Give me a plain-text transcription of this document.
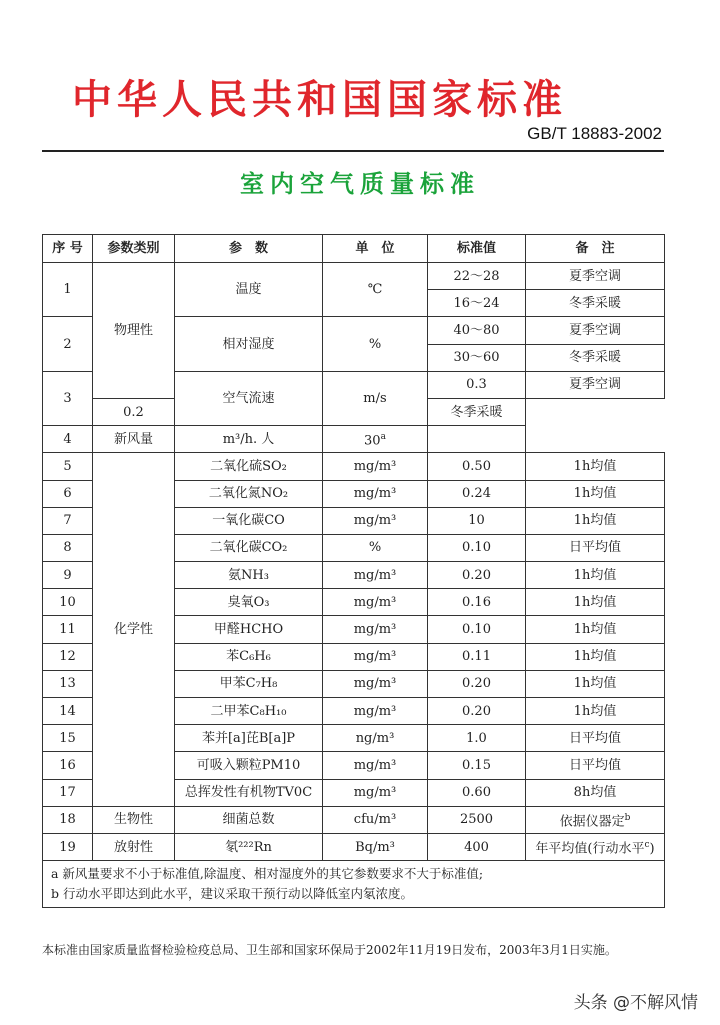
中华人民共和国国家标准
GB/T 18883-2002
室内空气质量标准
序 号	参数类别	参　数	单　位	标准值	备　注
1	物理性	温度	℃	22～28	夏季空调
				16～24	冬季采暖
2		相对湿度	%	40～80	夏季空调
				30～60	冬季采暖
3		空气流速	m/s	0.3	夏季空调
	0.2			冬季采暖	
4	新风量	m³/h. 人	30$^a$	
5	化学性	二氧化硫SO₂	mg/m³	0.50	1h均值
6		二氧化氮NO₂	mg/m³	0.24	1h均值
7		一氧化碳CO	mg/m³	10	1h均值
8		二氧化碳CO₂	%	0.10	日平均值
9		氨NH₃	mg/m³	0.20	1h均值
10		臭氧O₃	mg/m³	0.16	1h均值
11		甲醛HCHO	mg/m³	0.10	1h均值
12		苯C₆H₆	mg/m³	0.11	1h均值
13		甲苯C₇H₈	mg/m³	0.20	1h均值
14		二甲苯C₈H₁₀	mg/m³	0.20	1h均值
15		苯并[a]芘B[a]P	ng/m³	1.0	日平均值
16		可吸入颗粒PM10	mg/m³	0.15	日平均值
17		总挥发性有机物TV0C	mg/m³	0.60	8h均值
18	生物性	细菌总数	cfu/m³	2500	依据仪器定$^b$
19	放射性	氡²²²Rn	Bq/m³	400	年平均值(行动水平$^c$)

a 新风量要求不小于标准值,除温度、相对湿度外的其它参数要求不大于标准值;
b 行动水平即达到此水平，建议采取干预行动以降低室内氡浓度。					
本标准由国家质量监督检验检疫总局、卫生部和国家环保局于2002年11月19日发布，2003年3月1日实施。
头条 @不解风情
